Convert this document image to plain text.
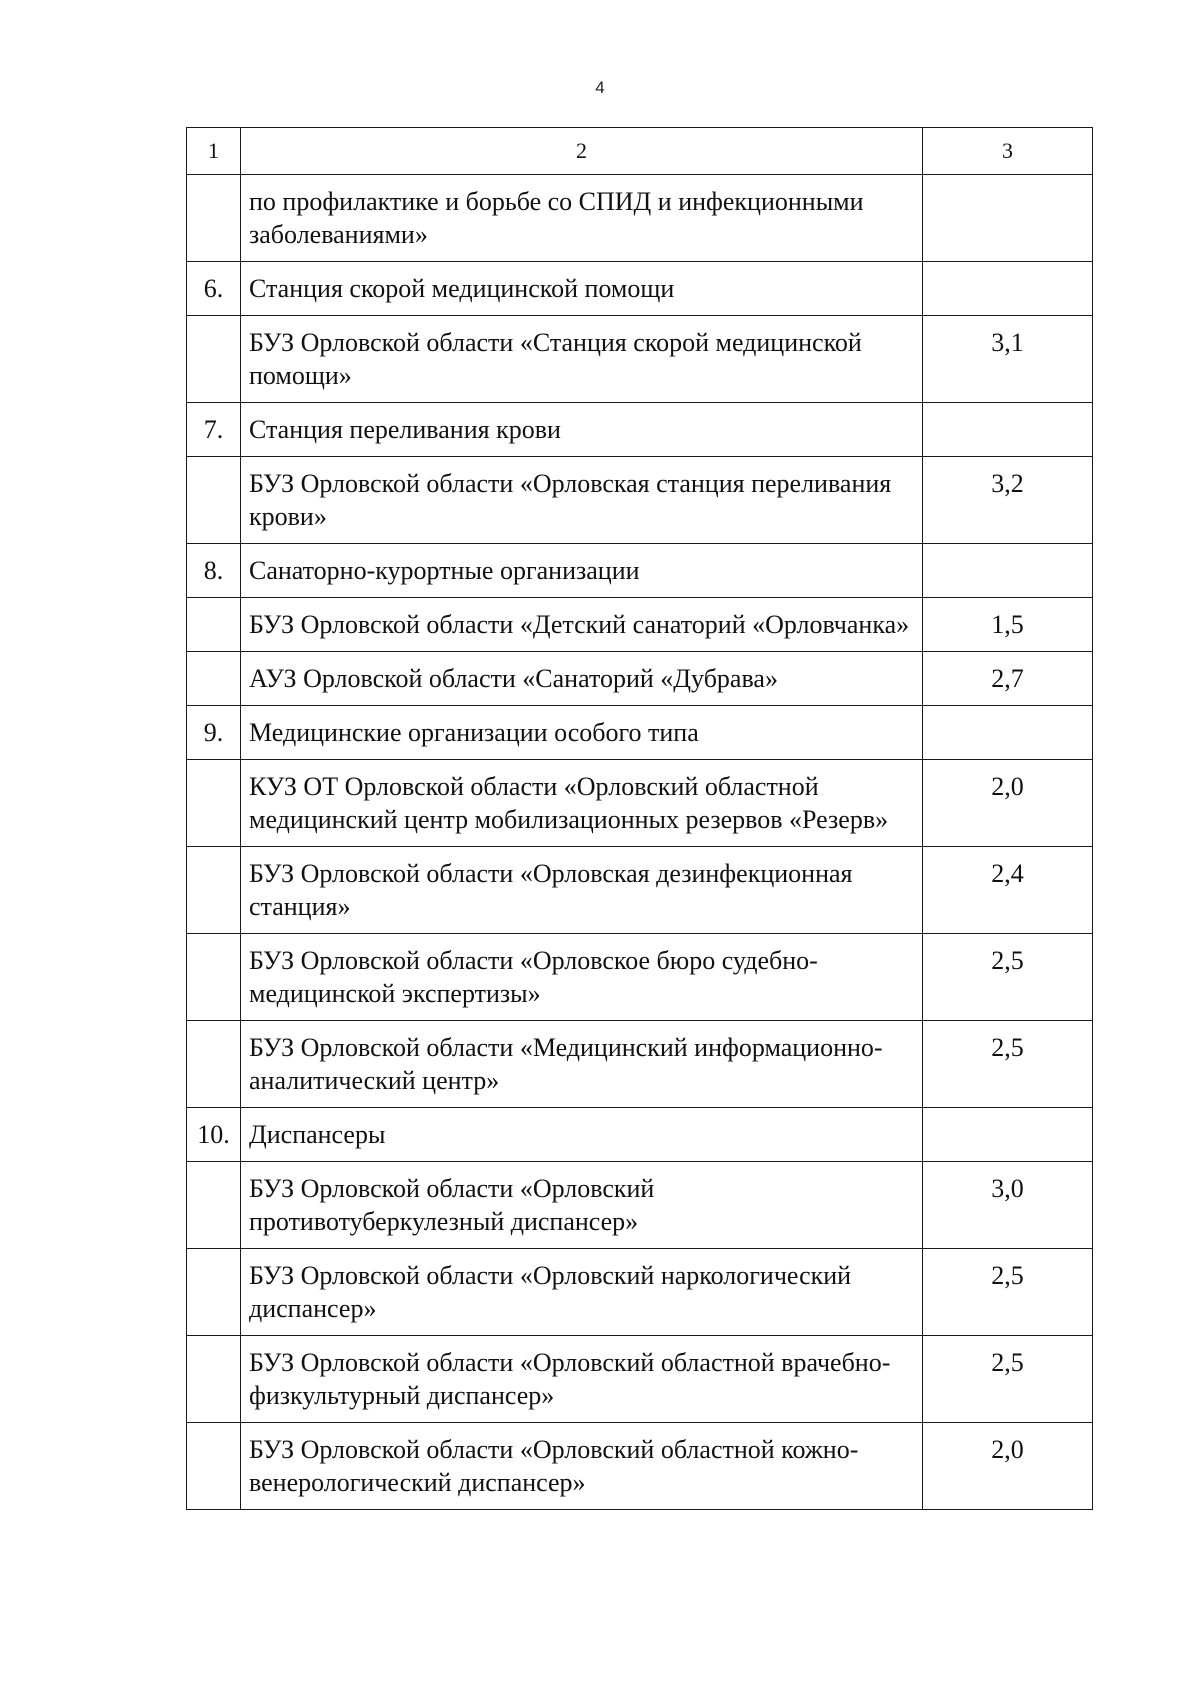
4
1	2	3
	по профилактике и борьбе со СПИД и инфекционными заболеваниями»	
6.	Станция скорой медицинской помощи	
	БУЗ Орловской области «Станция скорой медицинской помощи»	3,1
7.	Станция переливания крови	
	БУЗ Орловской области «Орловская станция переливания крови»	3,2
8.	Санаторно-курортные организации	
	БУЗ Орловской области «Детский санаторий «Орловчанка»	1,5
	АУЗ Орловской области «Санаторий «Дубрава»	2,7
9.	Медицинские организации особого типа	
	КУЗ ОТ Орловской области «Орловский областной медицинский центр мобилизационных резервов «Резерв»	2,0
	БУЗ Орловской области «Орловская дезинфекционная станция»	2,4
	БУЗ Орловской области «Орловское бюро судебно-медицинской экспертизы»	2,5
	БУЗ Орловской области «Медицинский информационно-аналитический центр»	2,5
10.	Диспансеры	
	БУЗ Орловской области «Орловский противотуберкулезный диспансер»	3,0
	БУЗ Орловской области «Орловский наркологический диспансер»	2,5
	БУЗ Орловской области «Орловский областной врачебно-физкультурный диспансер»	2,5
	БУЗ Орловской области «Орловский областной кожно-венерологический диспансер»	2,0
